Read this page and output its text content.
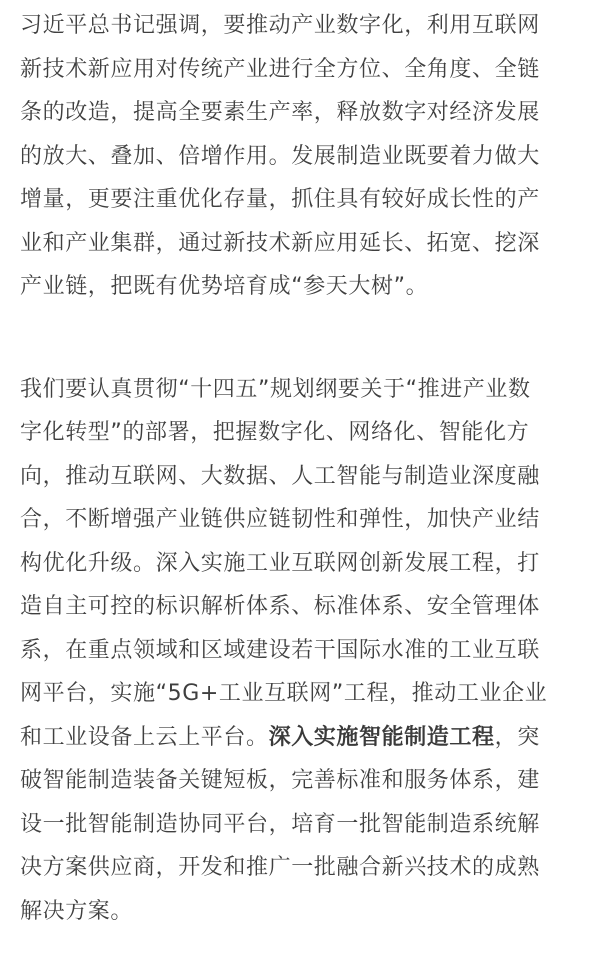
习近平总书记强调，要推动产业数字化，利用互联网
新技术新应用对传统产业进行全方位、全角度、全链
条的改造，提高全要素生产率，释放数字对经济发展
的放大、叠加、倍增作用。发展制造业既要着力做大
增量，更要注重优化存量，抓住具有较好成长性的产
业和产业集群，通过新技术新应用延长、拓宽、挖深
产业链，把既有优势培育成“参天大树”。

我们要认真贯彻“十四五”规划纲要关于“推进产业数
字化转型”的部署，把握数字化、网络化、智能化方
向，推动互联网、大数据、人工智能与制造业深度融
合，不断增强产业链供应链韧性和弹性，加快产业结
构优化升级。深入实施工业互联网创新发展工程，打
造自主可控的标识解析体系、标准体系、安全管理体
系，在重点领域和区域建设若干国际水准的工业互联
网平台，实施“5G+工业互联网”工程，推动工业企业
和工业设备上云上平台。深入实施智能制造工程，突
破智能制造装备关键短板，完善标准和服务体系，建
设一批智能制造协同平台，培育一批智能制造系统解
决方案供应商，开发和推广一批融合新兴技术的成熟
解决方案。
